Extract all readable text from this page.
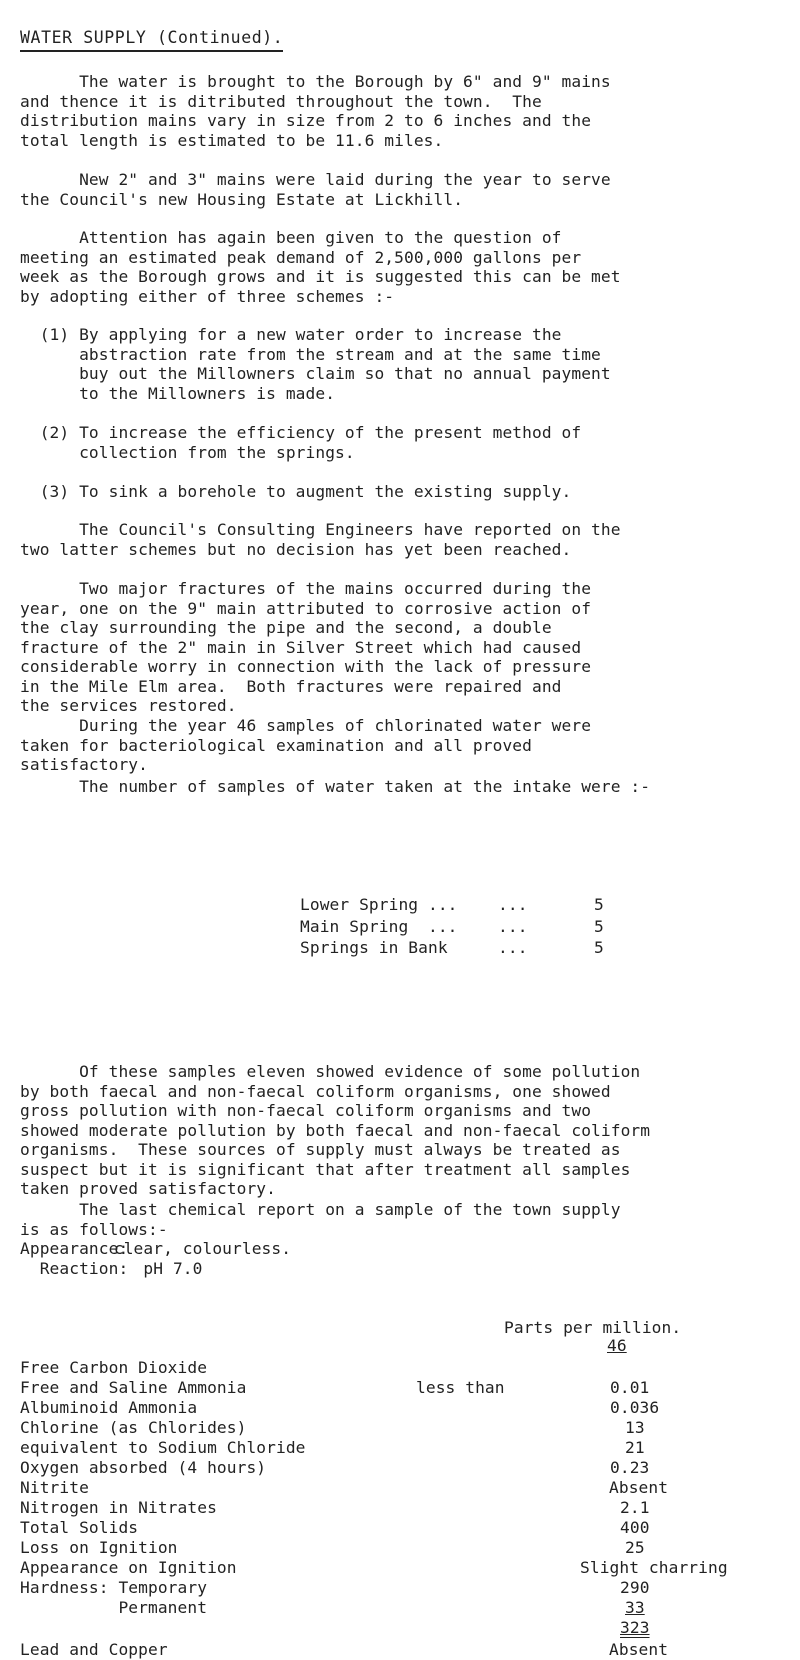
WATER SUPPLY (Continued).
The water is brought to the Borough by 6" and 9" mains
and thence it is ditributed throughout the town.  The
distribution mains vary in size from 2 to 6 inches and the
total length is estimated to be 11.6 miles.
New 2" and 3" mains were laid during the year to serve
the Council's new Housing Estate at Lickhill.
Attention has again been given to the question of
meeting an estimated peak demand of 2,500,000 gallons per
week as the Borough grows and it is suggested this can be met
by adopting either of three schemes :-
(1) By applying for a new water order to increase the
abstraction rate from the stream and at the same time
buy out the Millowners claim so that no annual payment
to the Millowners is made.
(2) To increase the efficiency of the present method of
collection from the springs.
(3) To sink a borehole to augment the existing supply.
The Council's Consulting Engineers have reported on the
two latter schemes but no decision has yet been reached.
Two major fractures of the mains occurred during the
year, one on the 9" main attributed to corrosive action of
the clay surrounding the pipe and the second, a double
fracture of the 2" main in Silver Street which had caused
considerable worry in connection with the lack of pressure
in the Mile Elm area.  Both fractures were repaired and
the services restored.
During the year 46 samples of chlorinated water were
taken for bacteriological examination and all proved
satisfactory.
The number of samples of water taken at the intake were :-
Lower Spring ... ...	5
Main Spring  ... ...	5
Springs in Bank	...	5
Of these samples eleven showed evidence of some pollution
by both faecal and non-faecal coliform organisms, one showed
gross pollution with non-faecal coliform organisms and two
showed moderate pollution by both faecal and non-faecal coliform
organisms.  These sources of supply must always be treated as
suspect but it is significant that after treatment all samples
taken proved satisfactory.
The last chemical report on a sample of the town supply
is as follows:-
Appearance: clear, colourless.
Reaction: pH 7.0
Parts per million.
46
Free Carbon Dioxide
Free and Saline Ammonia	less than	0.01
Albuminoid Ammonia	0.036
Chlorine (as Chlorides)	13
equivalent to Sodium Chloride	21
Oxygen absorbed (4 hours)	0.23
Nitrite	Absent
Nitrogen in Nitrates	2.1
Total Solids	400
Loss on Ignition	25
Appearance on Ignition	Slight charring
Hardness: Temporary	290
Permanent	33
323
Lead and Copper	Absent
